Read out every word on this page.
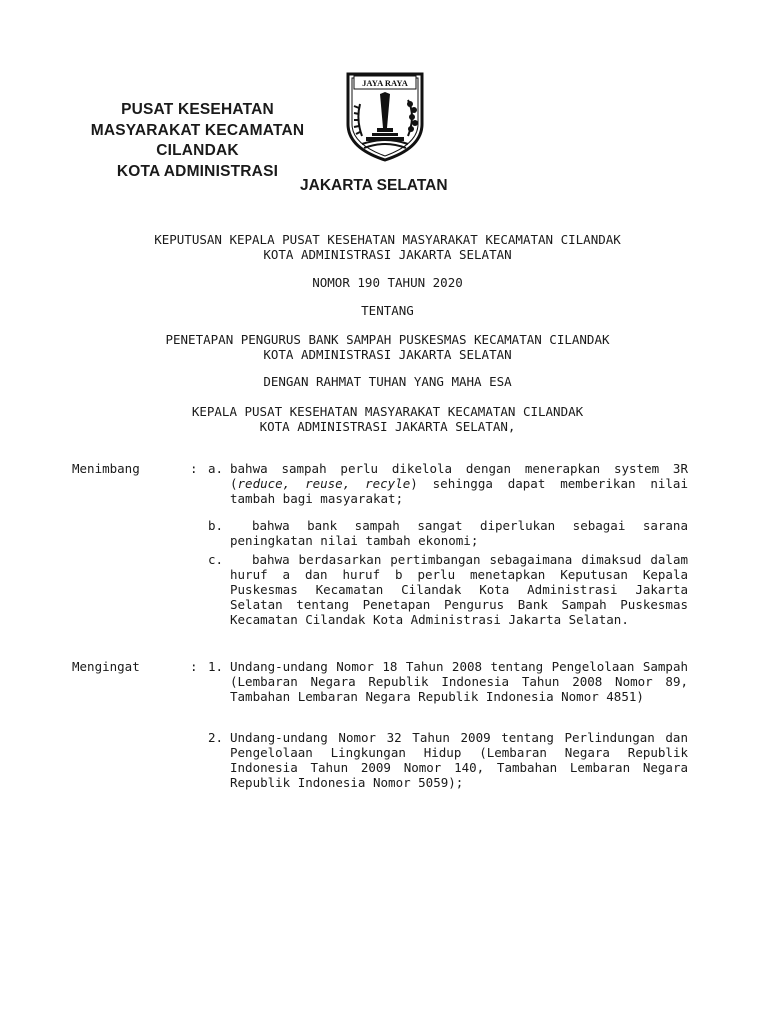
PUSAT KESEHATAN
MASYARAKAT KECAMATAN
CILANDAK
KOTA ADMINISTRASI
JAKARTA SELATAN
JAYA RAYA
KEPUTUSAN KEPALA PUSAT KESEHATAN MASYARAKAT KECAMATAN CILANDAK
KOTA ADMINISTRASI JAKARTA SELATAN
NOMOR 190 TAHUN 2020
TENTANG
PENETAPAN PENGURUS BANK SAMPAH PUSKESMAS KECAMATAN CILANDAK
KOTA ADMINISTRASI JAKARTA SELATAN
DENGAN RAHMAT TUHAN YANG MAHA ESA
KEPALA PUSAT KESEHATAN MASYARAKAT KECAMATAN CILANDAK
KOTA ADMINISTRASI JAKARTA SELATAN,
Menimbang	: a. bahwa sampah perlu dikelola dengan menerapkan system 3R (reduce, reuse, recyle) sehingga dapat memberikan nilai tambah bagi masyarakat;
b.	bahwa bank sampah sangat diperlukan sebagai sarana peningkatan nilai tambah ekonomi;
c.	bahwa berdasarkan pertimbangan sebagaimana dimaksud dalam huruf a dan huruf b perlu menetapkan Keputusan Kepala Puskesmas Kecamatan Cilandak Kota Administrasi Jakarta Selatan tentang Penetapan Pengurus Bank Sampah Puskesmas Kecamatan Cilandak Kota Administrasi Jakarta Selatan.
Mengingat	: 1. Undang-undang Nomor 18 Tahun 2008 tentang Pengelolaan Sampah (Lembaran Negara Republik Indonesia Tahun 2008 Nomor 89, Tambahan Lembaran Negara Republik Indonesia Nomor 4851)
2. Undang-undang Nomor 32 Tahun 2009 tentang Perlindungan dan Pengelolaan Lingkungan Hidup (Lembaran Negara Republik Indonesia Tahun 2009 Nomor 140, Tambahan Lembaran Negara Republik Indonesia Nomor 5059);
